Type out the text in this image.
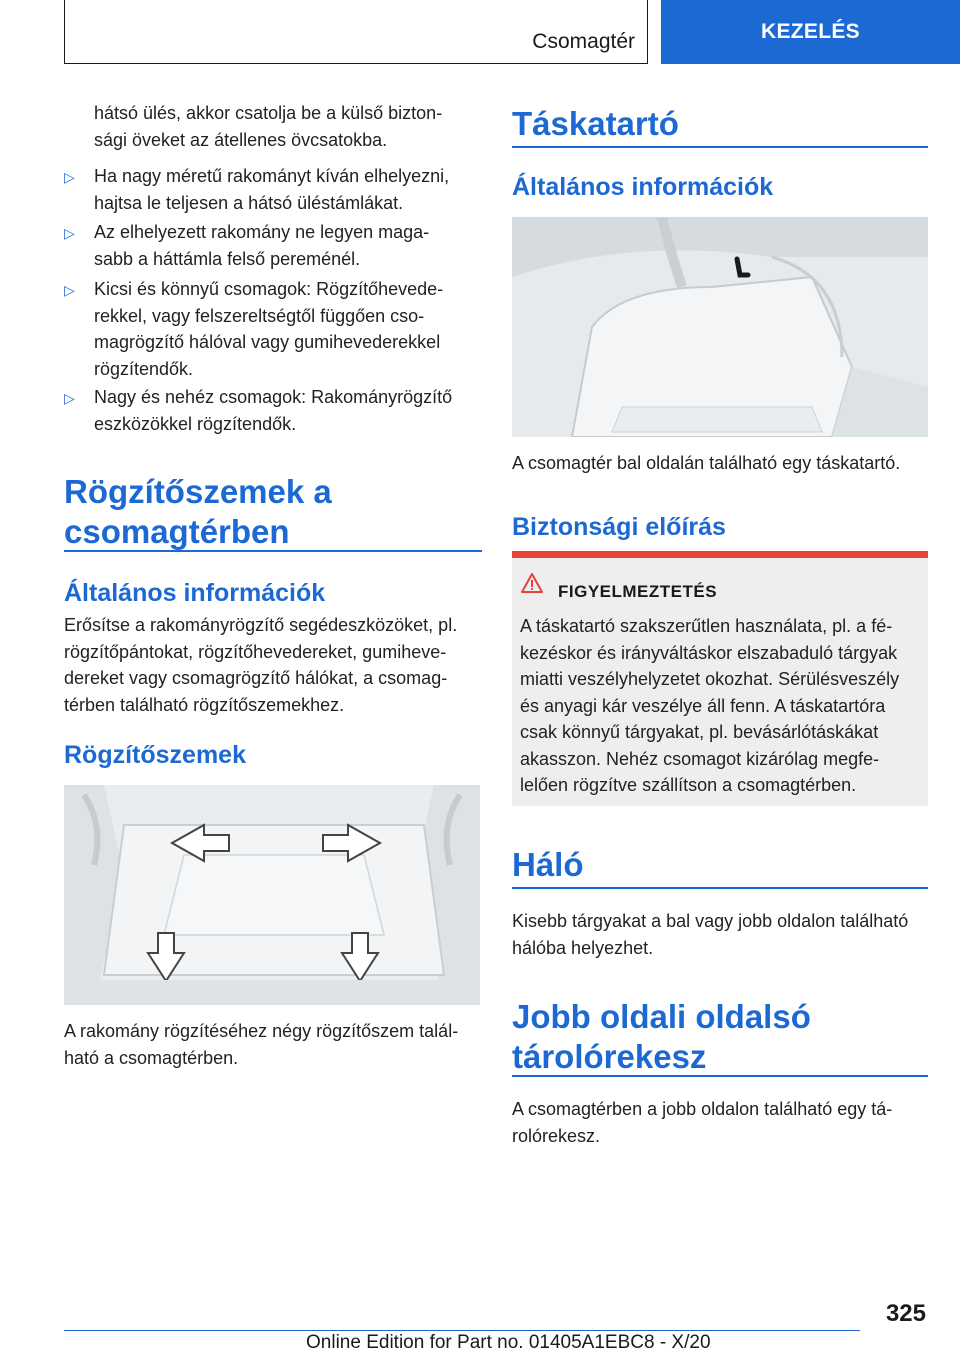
Csomagtér	KEZELÉS
hátsó ülés, akkor csatolja be a külső bizton-
sági öveket az átellenes övcsatokba.
▷ Ha nagy méretű rakományt kíván elhelyezni,
hajtsa le teljesen a hátsó üléstámlákat.
▷ Az elhelyezett rakomány ne legyen maga-
sabb a háttámla felső pereménél.
▷ Kicsi és könnyű csomagok: Rögzítőhevede-
rekkel, vagy felszereltségtől függően cso-
magrögzítő hálóval vagy gumihevederekkel
rögzítendők.
▷ Nagy és nehéz csomagok: Rakományrögzítő
eszközökkel rögzítendők.
Rögzítőszemek a
csomagtérben
Általános információk
Erősítse a rakományrögzítő segédeszközöket, pl.
rögzítőpántokat, rögzítőhevedereket, gumiheve-
dereket vagy csomagrögzítő hálókat, a csomag-
térben található rögzítőszemekhez.
Rögzítőszemek
A rakomány rögzítéséhez négy rögzítőszem talál-
ható a csomagtérben.
Táskatartó
Általános információk
A csomagtér bal oldalán található egy táskatartó.
Biztonsági előírás
FIGYELMEZTETÉS
A táskatartó szakszerűtlen használata, pl. a fé-
kezéskor és irányváltáskor elszabaduló tárgyak
miatti veszélyhelyzetet okozhat. Sérülésveszély
és anyagi kár veszélye áll fenn. A táskatartóra
csak könnyű tárgyakat, pl. bevásárlótáskákat
akasszon. Nehéz csomagot kizárólag megfe-
lelően rögzítve szállítson a csomagtérben.
Háló
Kisebb tárgyakat a bal vagy jobb oldalon található
hálóba helyezhet.
Jobb oldali oldalsó
tárolórekesz
A csomagtérben a jobb oldalon található egy tá-
rolórekesz.
325
Online Edition for Part no. 01405A1EBC8 - X/20
